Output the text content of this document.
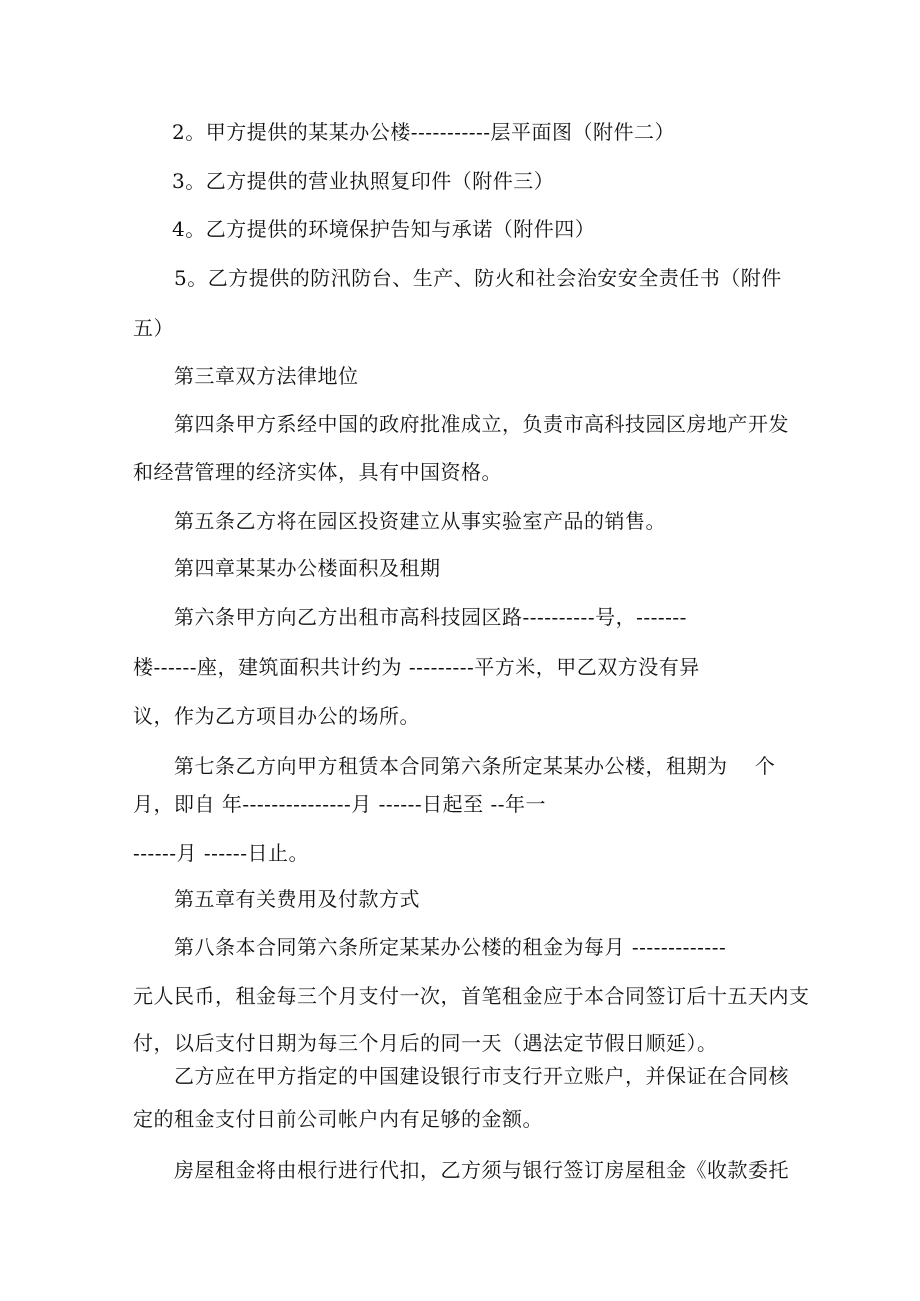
2。甲方提供的某某办公楼-----------层平面图（附件二）
3。乙方提供的营业执照复印件（附件三）
4。乙方提供的环境保护告知与承诺（附件四）
5。乙方提供的防汛防台、生产、防火和社会治安安全责任书（附件
五）
第三章双方法律地位
第四条甲方系经中国的政府批准成立，负责市高科技园区房地产开发
和经营管理的经济实体，具有中国资格。
第五条乙方将在园区投资建立从事实验室产品的销售。
第四章某某办公楼面积及租期
第六条甲方向乙方出租市高科技园区路----------号，-------
楼------座，建筑面积共计约为 ---------平方米，甲乙双方没有异
议，作为乙方项目办公的场所。
第七条乙方向甲方租赁本合同第六条所定某某办公楼，租期为    个
月，即自 年---------------月 ------日起至 --年一
------月 ------日止。
第五章有关费用及付款方式
第八条本合同第六条所定某某办公楼的租金为每月 -------------
元人民币，租金每三个月支付一次，首笔租金应于本合同签订后十五天内支
付，以后支付日期为每三个月后的同一天（遇法定节假日顺延）。
乙方应在甲方指定的中国建设银行市支行开立账户，并保证在合同核
定的租金支付日前公司帐户内有足够的金额。
房屋租金将由根行进行代扣，乙方须与银行签订房屋租金《收款委托
